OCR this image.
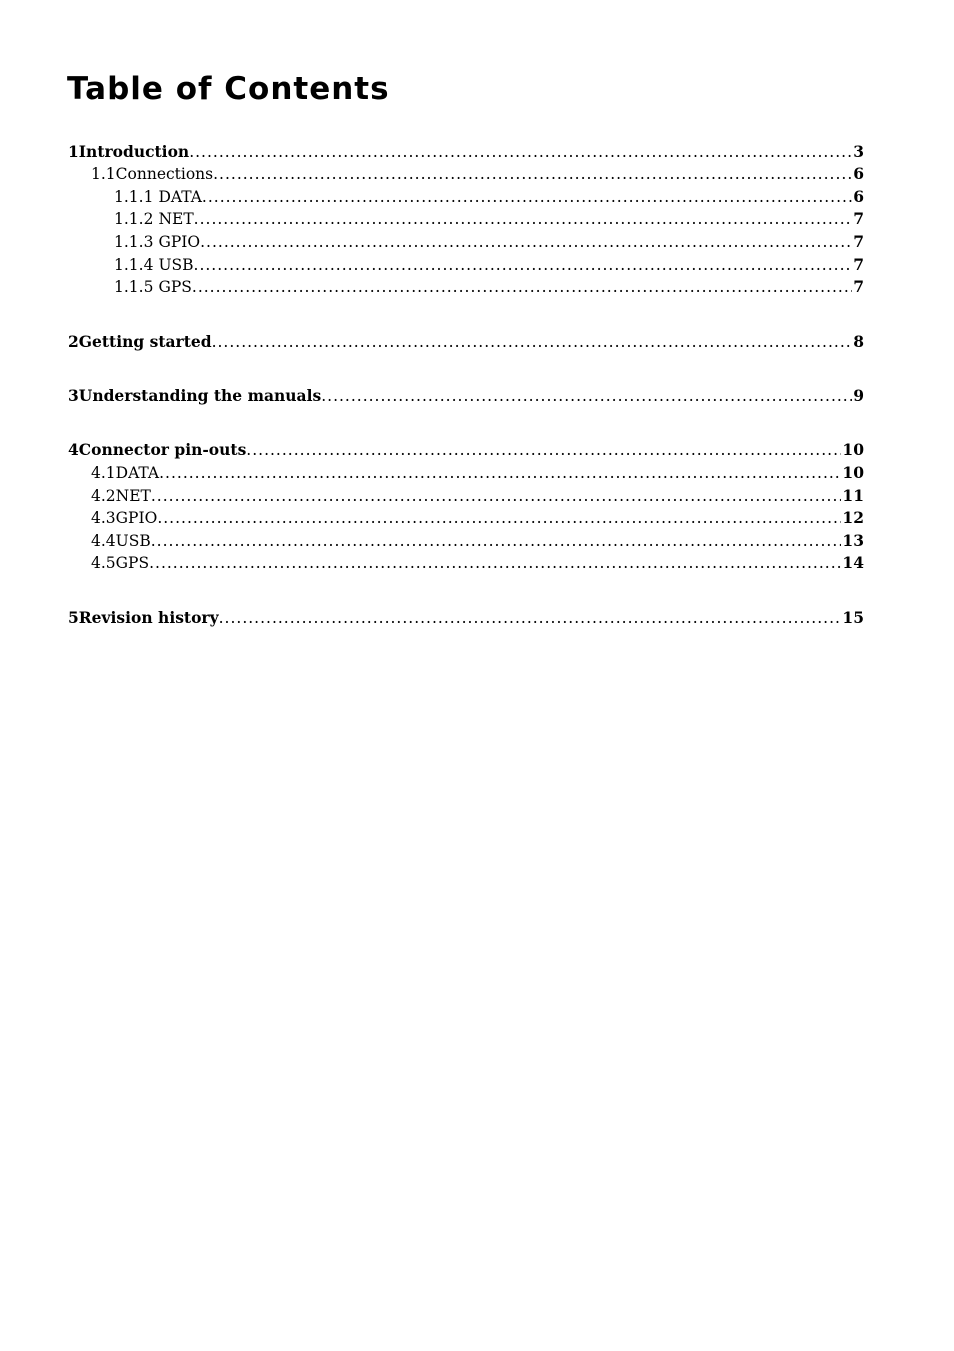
Table of Contents
1 Introduction .....	3
1.1 Connections .....	6
1.1.1 DATA .....	6
1.1.2 NET .....	7
1.1.3 GPIO .....	7
1.1.4 USB .....	7
1.1.5 GPS .....	7
2 Getting started .....	8
3 Understanding the manuals .....	9
4 Connector pin-outs .....	10
4.1 DATA .....	10
4.2 NET .....	11
4.3 GPIO .....	12
4.4 USB .....	13
4.5 GPS .....	14
5 Revision history .....	15
